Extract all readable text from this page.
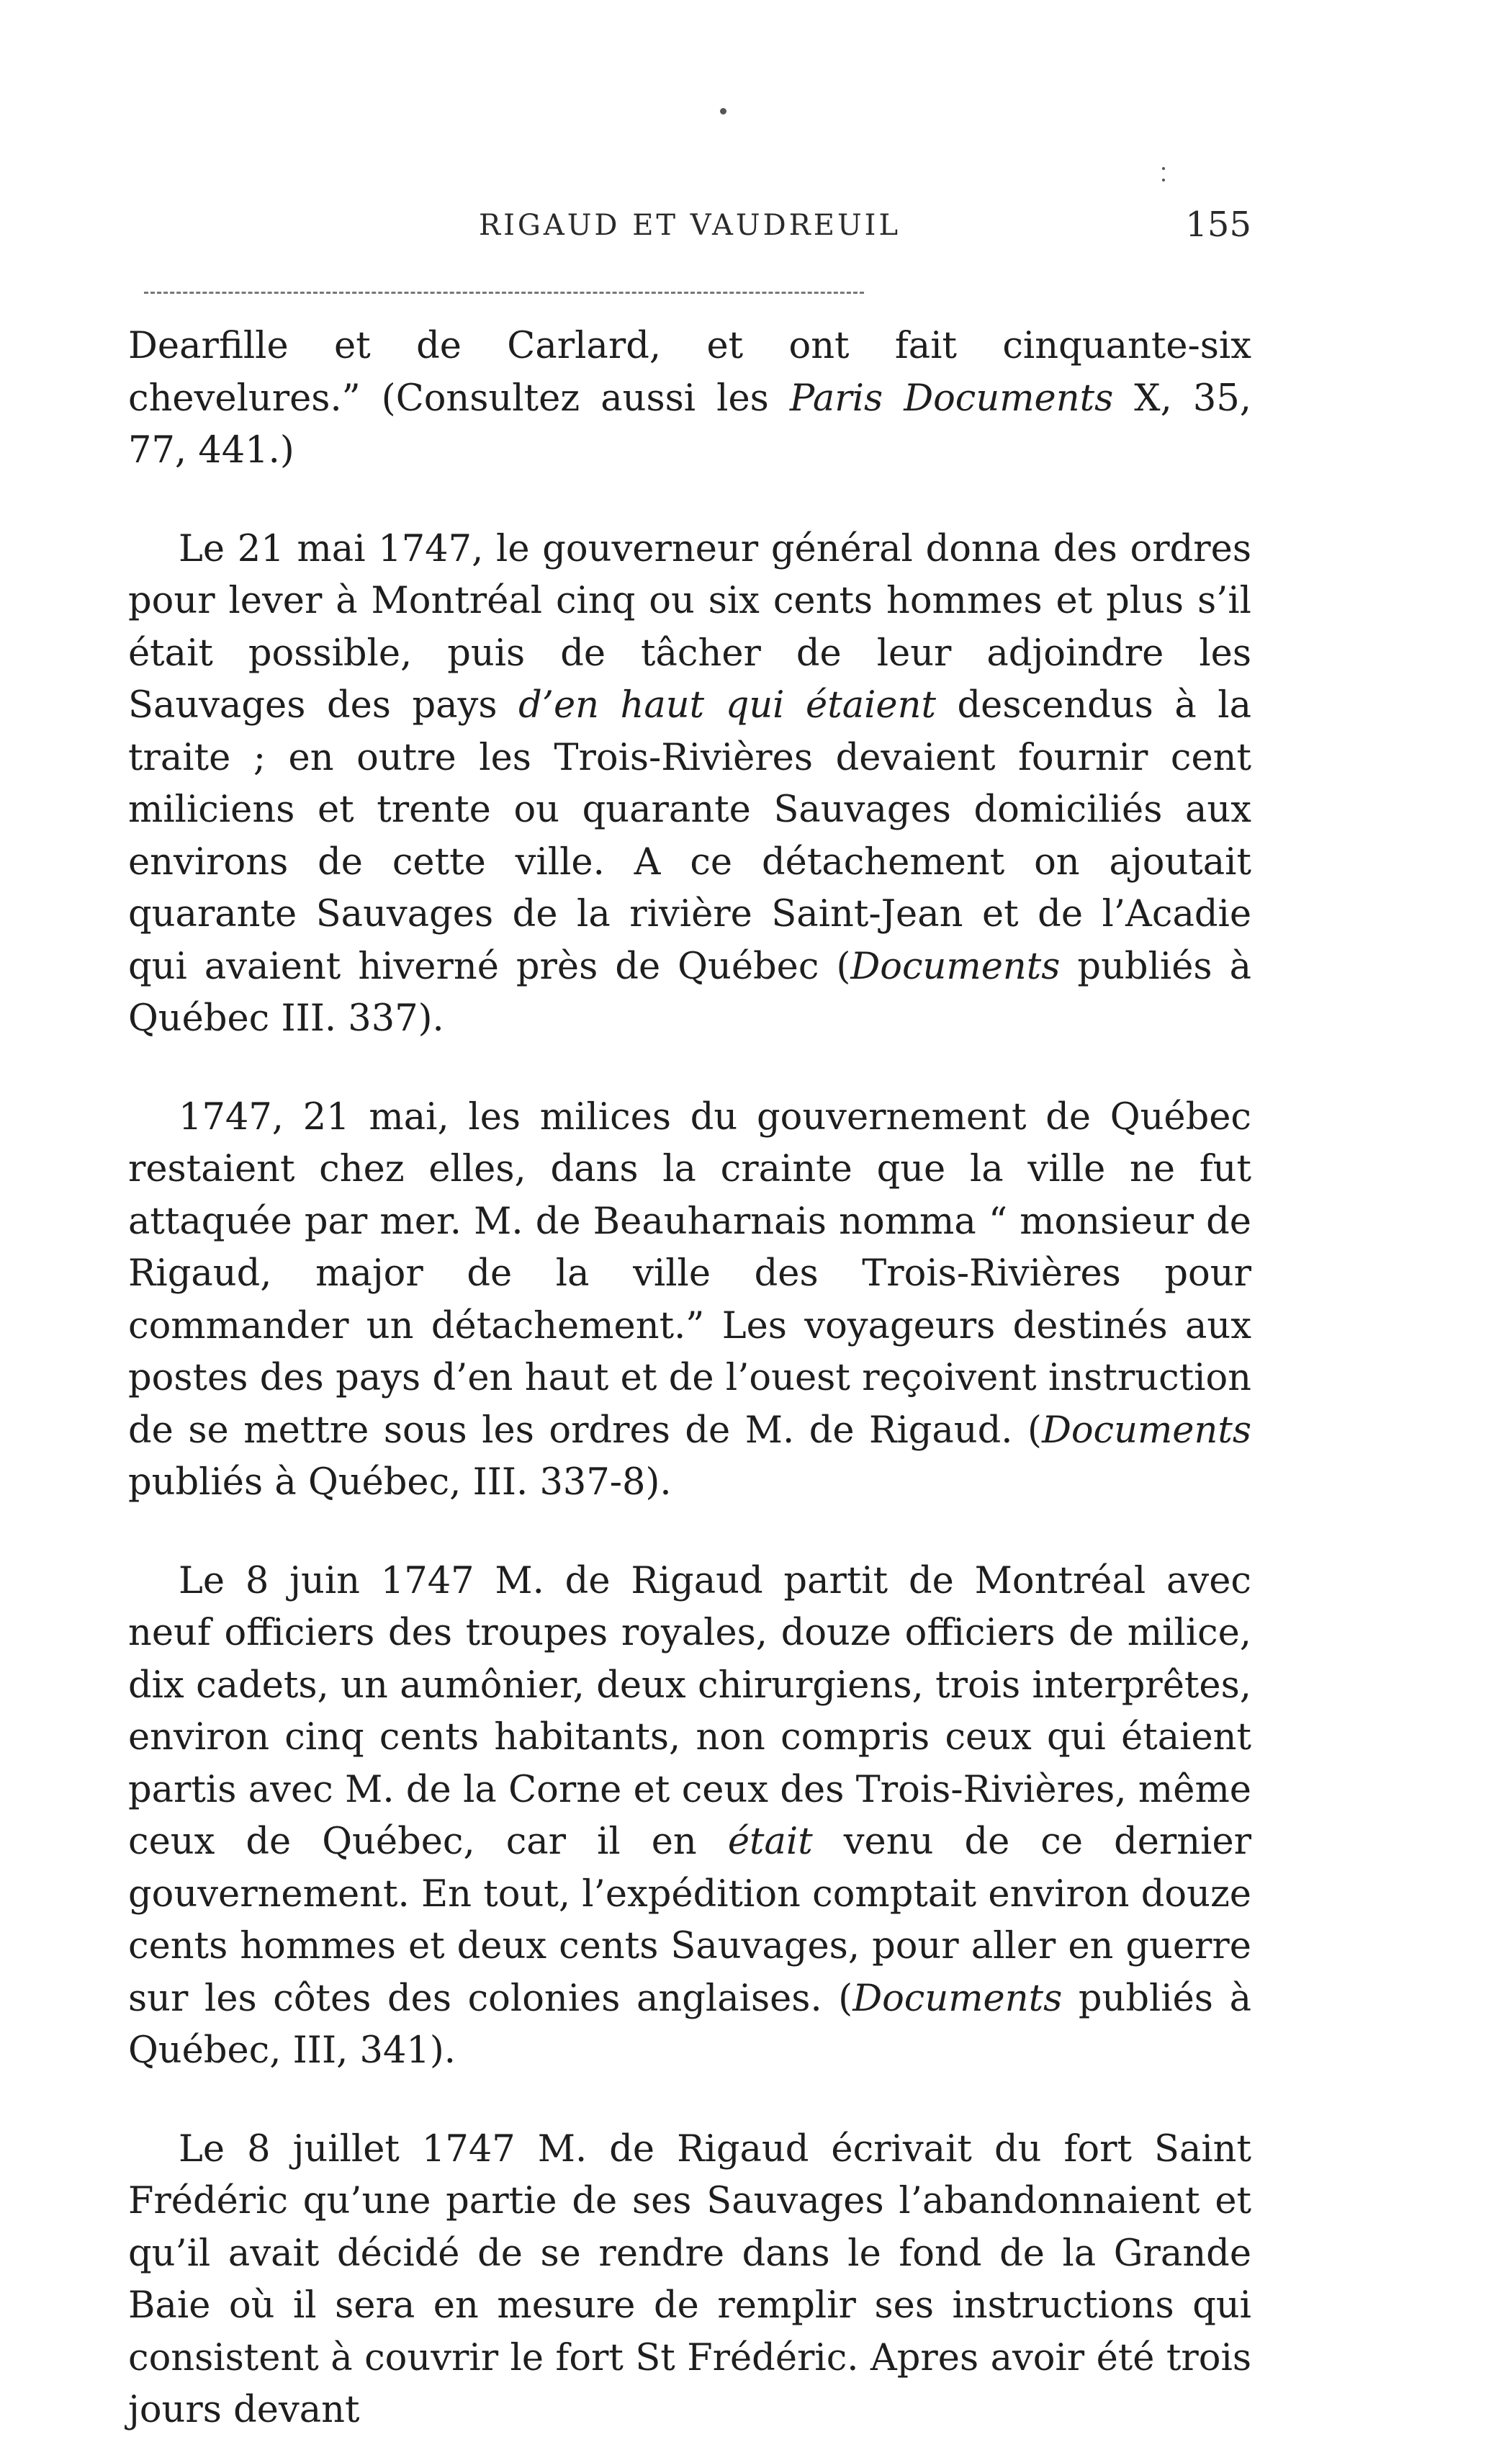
RIGAUD ET VAUDREUIL	155

Dearfille et de Carlard, et ont fait cinquante-six chevelures.” (Consultez aussi les Paris Documents X, 35, 77, 441.)

Le 21 mai 1747, le gouverneur général donna des ordres pour lever à Montréal cinq ou six cents hommes et plus s’il était possible, puis de tâcher de leur adjoindre les Sauvages des pays d’en haut qui étaient descendus à la traite ; en outre les Trois-Rivières devaient fournir cent miliciens et trente ou quarante Sauvages domiciliés aux environs de cette ville. A ce détachement on ajoutait quarante Sauvages de la rivière Saint-Jean et de l’Acadie qui avaient hiverné près de Québec (Documents publiés à Québec III. 337).

1747, 21 mai, les milices du gouvernement de Québec restaient chez elles, dans la crainte que la ville ne fut attaquée par mer. M. de Beauharnais nomma “ monsieur de Rigaud, major de la ville des Trois-Rivières pour commander un détachement.” Les voyageurs destinés aux postes des pays d’en haut et de l’ouest reçoivent instruction de se mettre sous les ordres de M. de Rigaud. (Documents publiés à Québec, III. 337-8).

Le 8 juin 1747 M. de Rigaud partit de Montréal avec neuf officiers des troupes royales, douze officiers de milice, dix cadets, un aumônier, deux chirurgiens, trois interprêtes, environ cinq cents habitants, non compris ceux qui étaient partis avec M. de la Corne et ceux des Trois-Rivières, même ceux de Québec, car il en était venu de ce dernier gouvernement. En tout, l’expédition comptait environ douze cents hommes et deux cents Sauvages, pour aller en guerre sur les côtes des colonies anglaises. (Documents publiés à Québec, III, 341).

Le 8 juillet 1747 M. de Rigaud écrivait du fort Saint Frédéric qu’une partie de ses Sauvages l’abandonnaient et qu’il avait décidé de se rendre dans le fond de la Grande Baie où il sera en mesure de remplir ses instructions qui consistent à couvrir le fort St Frédéric. Apres avoir été trois jours devant
